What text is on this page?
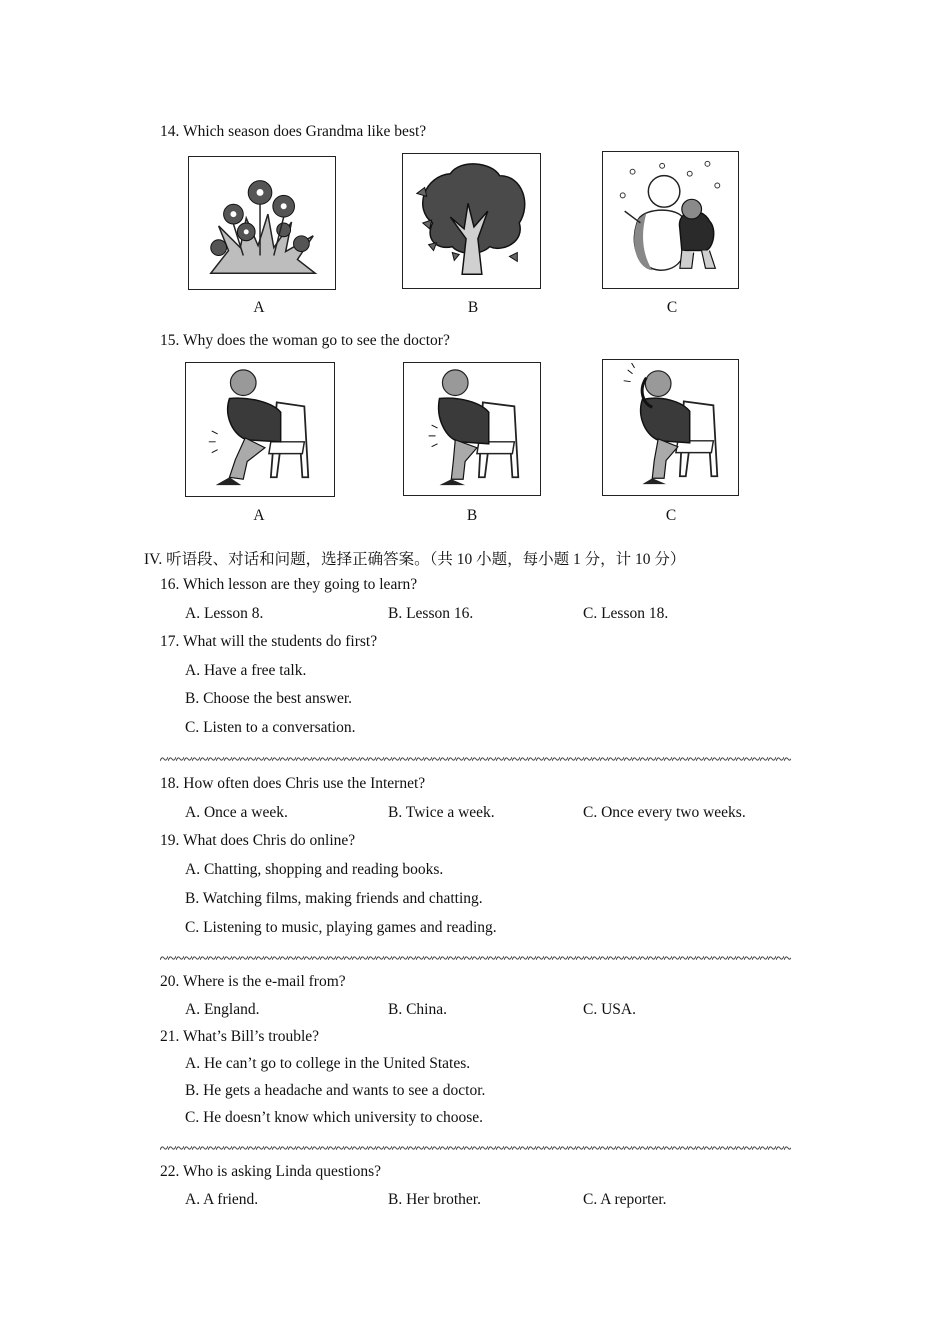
14. Which season does Grandma like best?
A	B	C
15. Why does the woman go to see the doctor?
A	B	C
IV. 听语段、对话和问题，选择正确答案。（共 10 小题，每小题 1 分，计 10 分）
16. Which lesson are they going to learn?
A. Lesson 8.	B. Lesson 16.	C. Lesson 18.
17. What will the students do first?
A. Have a free talk.
B. Choose the best answer.
C. Listen to a conversation.
18. How often does Chris use the Internet?
A. Once a week.	B. Twice a week.	C. Once every two weeks.
19. What does Chris do online?
A. Chatting, shopping and reading books.
B. Watching films, making friends and chatting.
C. Listening to music, playing games and reading.
20. Where is the e-mail from?
A. England.	B. China.	C. USA.
21. What’s Bill’s trouble?
A. He can’t go to college in the United States.
B. He gets a headache and wants to see a doctor.
C. He doesn’t know which university to choose.
22. Who is asking Linda questions?
A. A friend.	B. Her brother.	C. A reporter.
